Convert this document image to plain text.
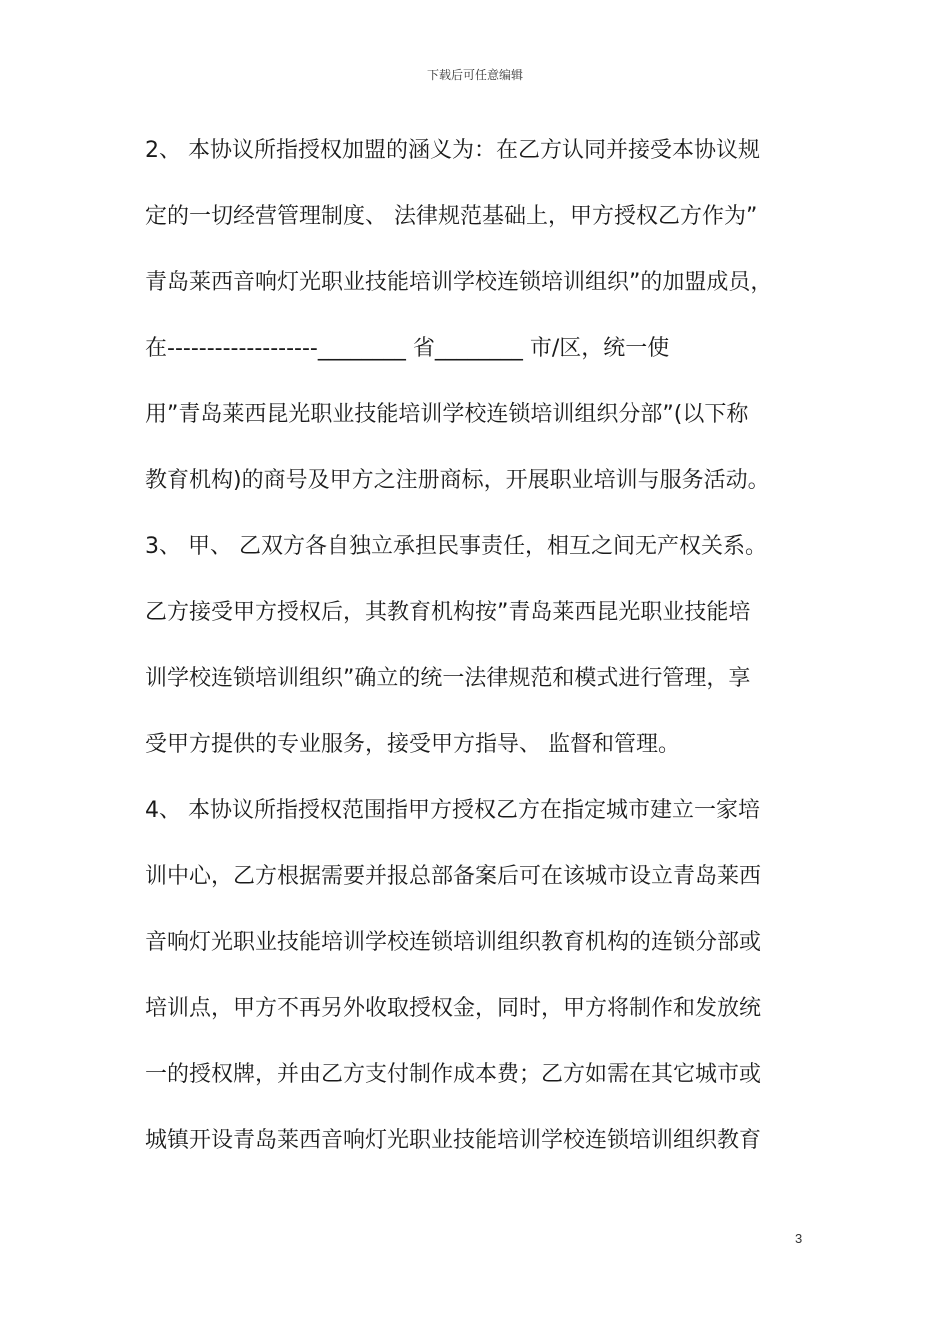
下载后可任意编辑
2、 本协议所指授权加盟的涵义为：在乙方认同并接受本协议规
定的一切经营管理制度、 法律规范基础上，甲方授权乙方作为”
青岛莱西音响灯光职业技能培训学校连锁培训组织”的加盟成员，
在-------------------________ 省________ 市/区，统一使
用”青岛莱西昆光职业技能培训学校连锁培训组织分部”(以下称
教育机构)的商号及甲方之注册商标，开展职业培训与服务活动。
3、 甲、 乙双方各自独立承担民事责任，相互之间无产权关系。
乙方接受甲方授权后，其教育机构按”青岛莱西昆光职业技能培
训学校连锁培训组织”确立的统一法律规范和模式进行管理，享
受甲方提供的专业服务，接受甲方指导、 监督和管理。
4、 本协议所指授权范围指甲方授权乙方在指定城市建立一家培
训中心，乙方根据需要并报总部备案后可在该城市设立青岛莱西
音响灯光职业技能培训学校连锁培训组织教育机构的连锁分部或
培训点，甲方不再另外收取授权金，同时，甲方将制作和发放统
一的授权牌，并由乙方支付制作成本费；乙方如需在其它城市或
城镇开设青岛莱西音响灯光职业技能培训学校连锁培训组织教育
3
